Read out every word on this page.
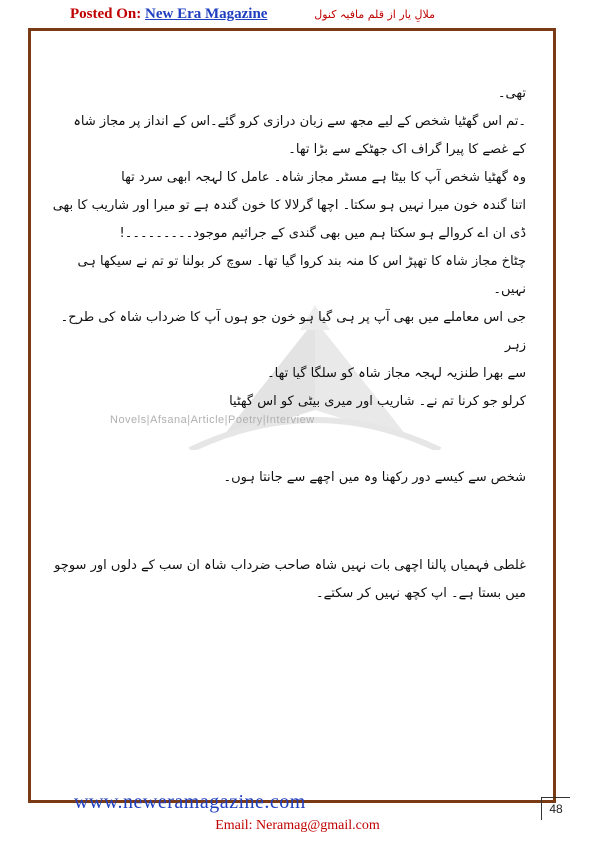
Posted On: New Era Magazine	ملالِ یار از قلم مافیہ کنول
Novels|Afsana|Article|Poetry|Interview

تھی۔

۔تم اس گھٹیا شخص کے لیے مجھ سے زبان درازی کرو گئے۔اس کے انداز پر مجاز شاہ

کے غصے کا پیرا گراف اک جھٹکے سے بڑا تھا۔

وہ گھٹیا شخص آپ کا بیٹا ہے مسٹر مجاز شاہ۔ عامل کا لہجہ ابھی سرد تھا

اتنا گندہ خون میرا نہیں ہو سکتا۔ اچھا گرلالا کا خون گندہ ہے تو میرا اور شاریب کا بھی

ڈی ان اے کروالے ہو سکتا ہم میں بھی گندی کے جراثیم موجود۔۔۔۔۔۔۔۔۔!

چٹاخ مجاز شاہ کا تھپڑ اس کا منہ بند کروا گیا تھا۔ سوچ کر بولنا تو تم نے سیکھا ہی نہیں۔

جی اس معاملے میں بھی آپ پر ہی گیا ہو خون جو ہوں آپ کا ضرداب شاہ کی طرح۔ زہر

سے بھرا طنزیہ لہجہ مجاز شاہ کو سلگا گیا تھا۔

کرلو جو کرنا تم نے۔ شاریب اور میری بیٹی کو اس گھٹیا

شخص سے کیسے دور رکھنا وہ میں اچھے سے جانتا ہوں۔

غلطی فہمیاں پالنا اچھی بات نہیں شاہ صاحب ضرداب شاہ ان سب کے دلوں اور سوچو

میں بستا ہے۔ اپ کچھ نہیں کر سکتے۔

www.neweramagazine.com	48
Email: Neramag@gmail.com
